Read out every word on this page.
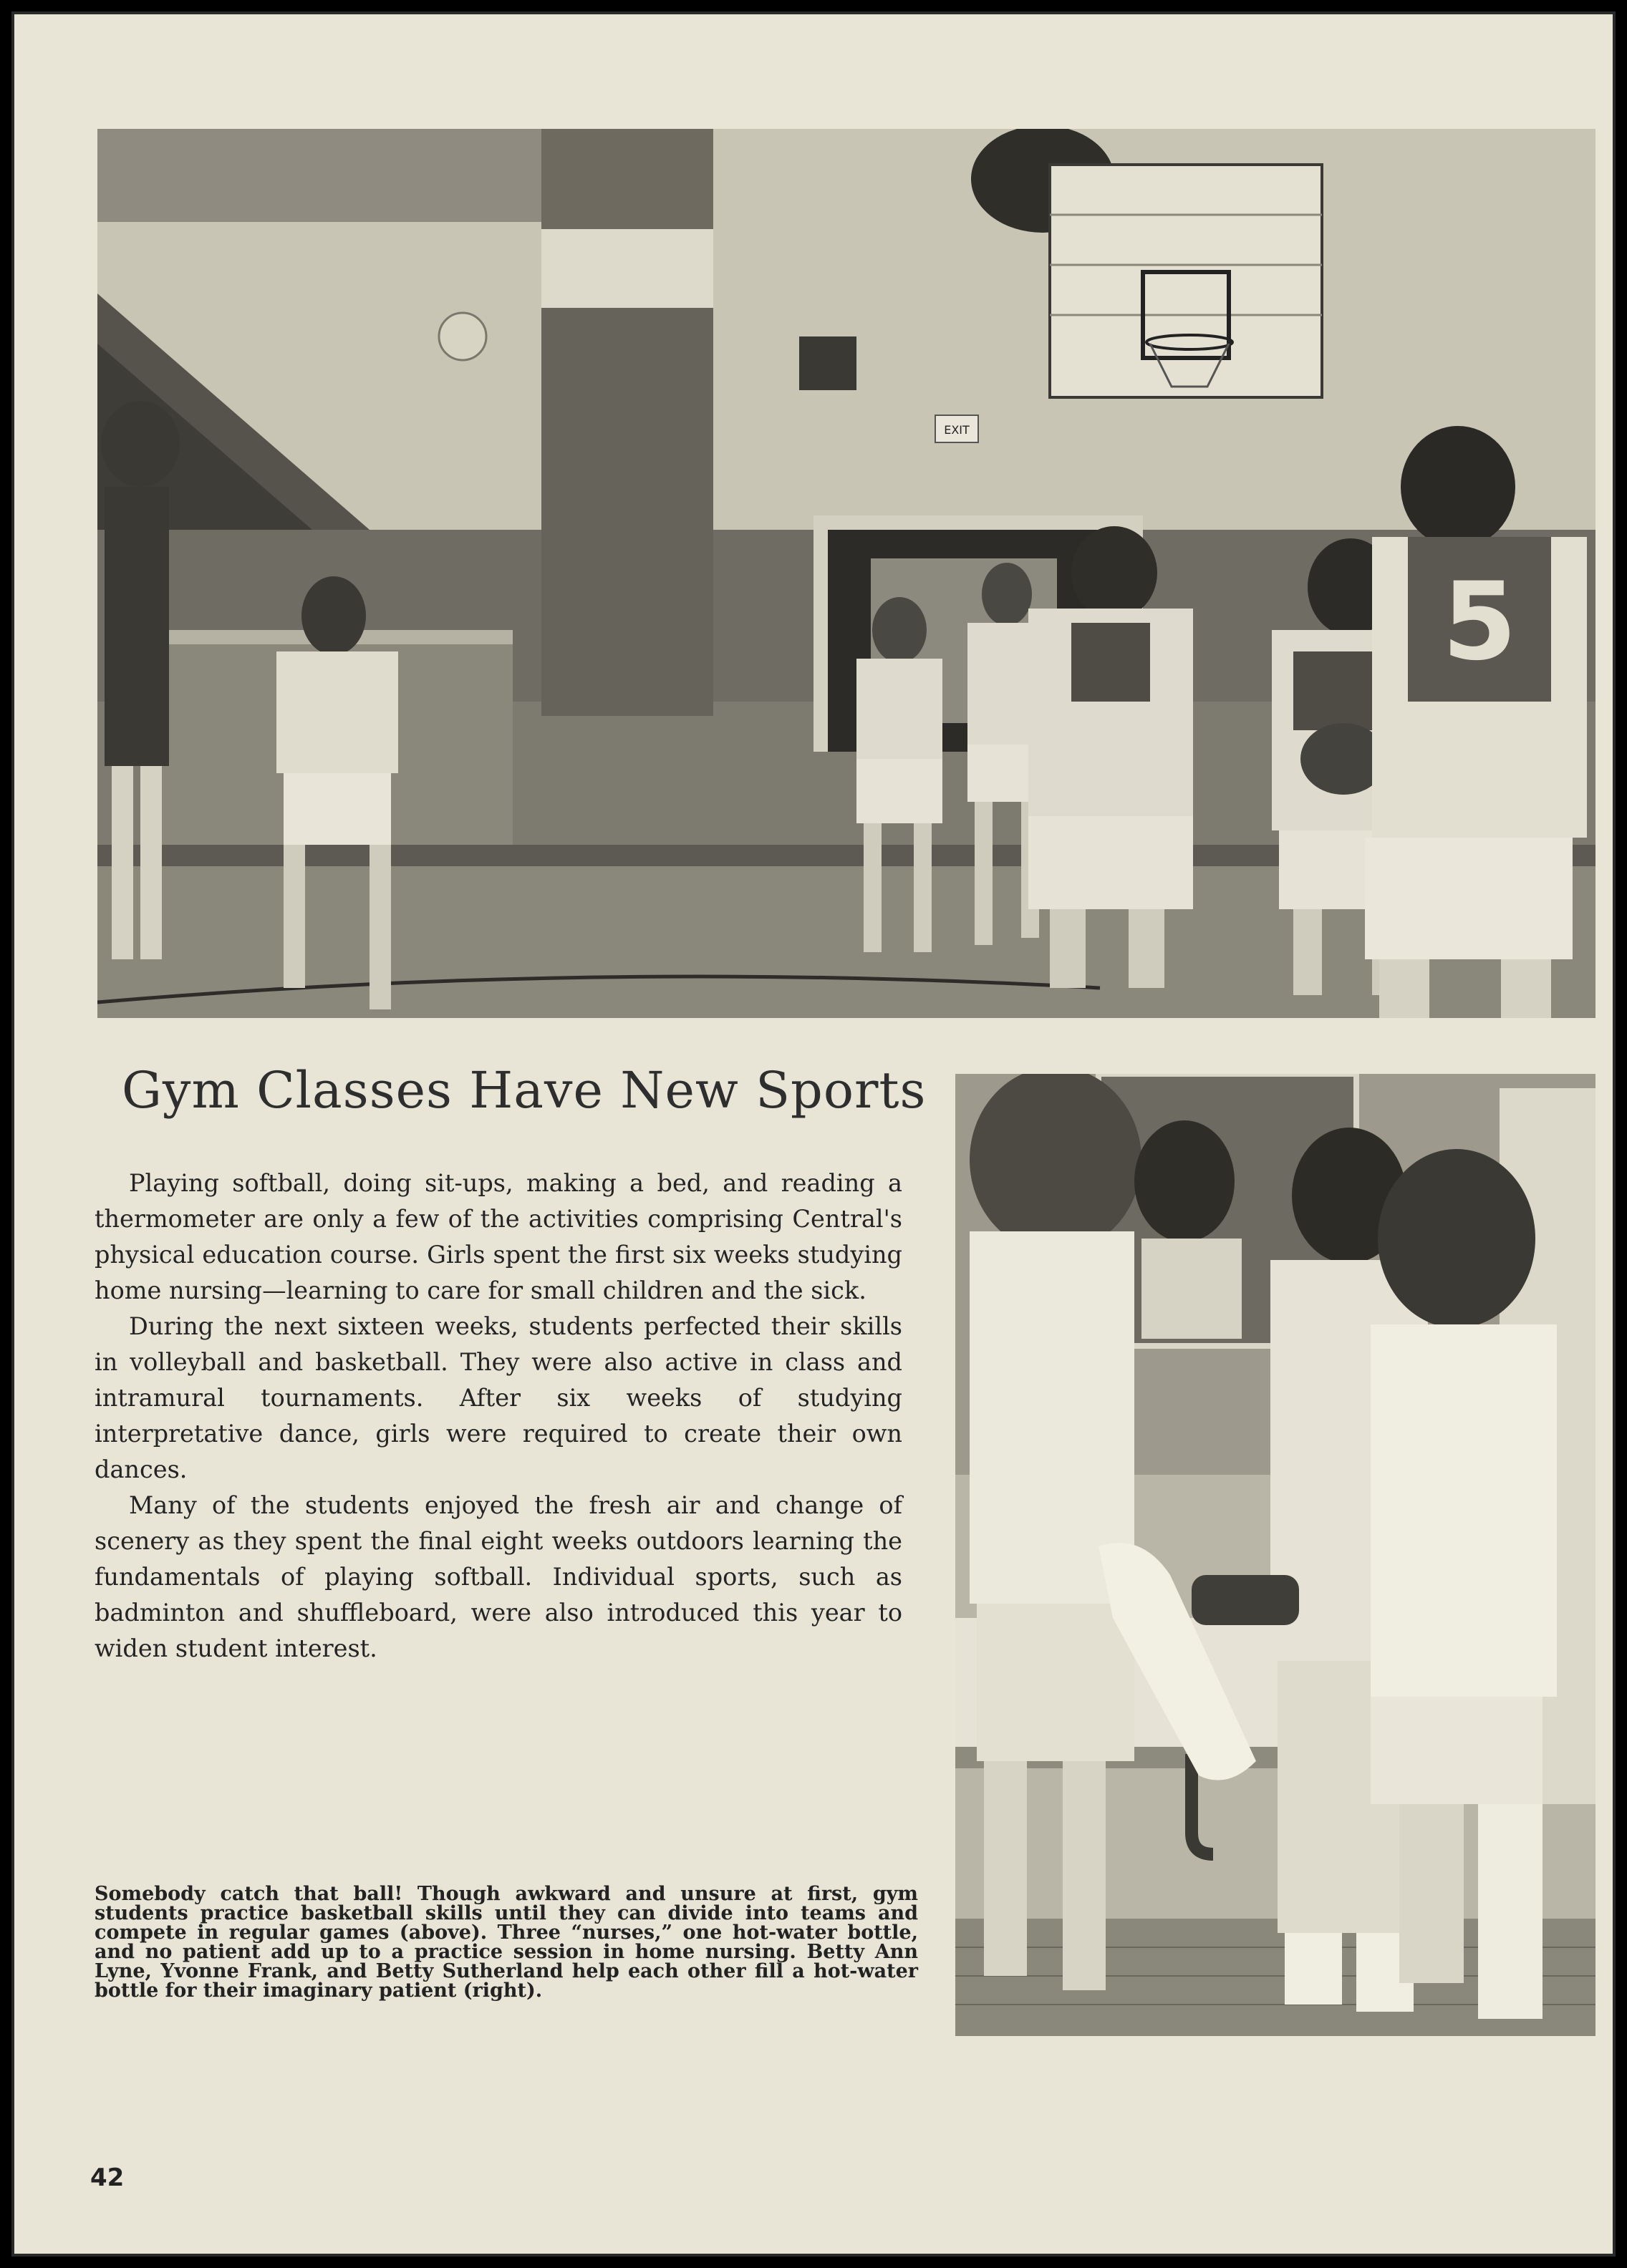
EXIT
5
Gym Classes Have New Sports

Playing softball, doing sit-ups, making a bed, and reading a thermometer are only a few of the activities comprising Central's physical education course. Girls spent the first six weeks studying home nursing—learning to care for small children and the sick.

During the next sixteen weeks, students perfected their skills in volleyball and basketball. They were also active in class and intramural tournaments. After six weeks of studying interpretative dance, girls were required to create their own dances.

Many of the students enjoyed the fresh air and change of scenery as they spent the final eight weeks outdoors learning the fundamentals of playing softball. Individual sports, such as badminton and shuffleboard, were also introduced this year to widen student interest.

Somebody catch that ball! Though awkward and unsure at first, gym students practice basketball skills until they can divide into teams and compete in regular games (above). Three “nurses,” one hot-water bottle, and no patient add up to a practice session in home nursing. Betty Ann Lyne, Yvonne Frank, and Betty Sutherland help each other fill a hot-water bottle for their imaginary patient (right).
42
